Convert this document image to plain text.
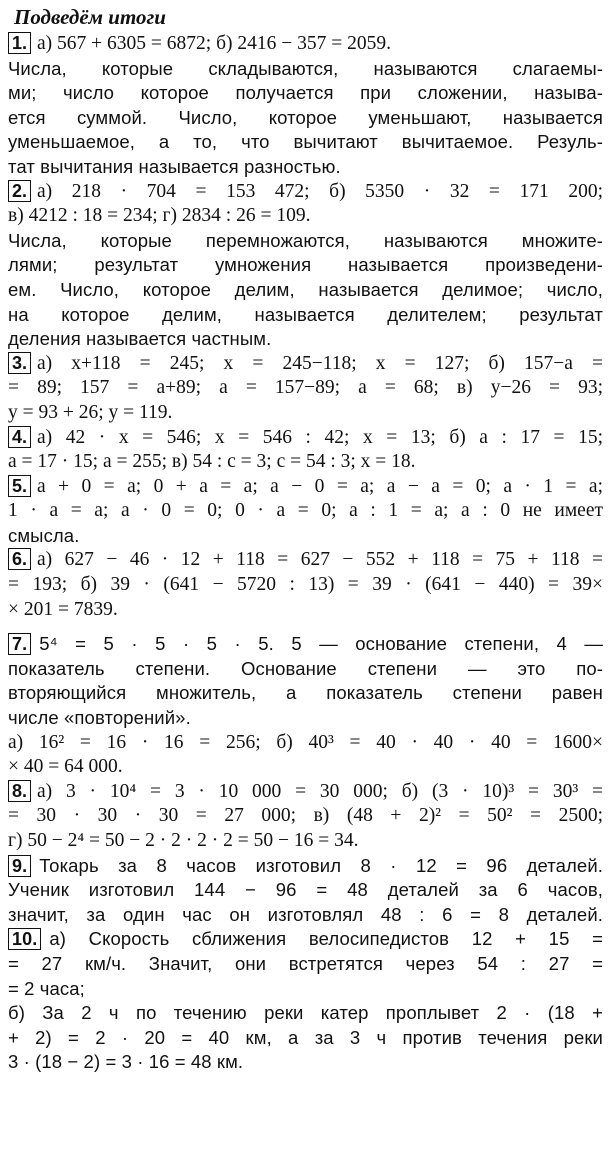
Подведём итоги
1. а) 567 + 6305 = 6872; б) 2416 − 357 = 2059.
Числа, которые складываются, называются слагаемы-
ми; число которое получается при сложении, называ-
ется суммой. Число, которое уменьшают, называется
уменьшаемое, а то, что вычитают вычитаемое. Резуль-
тат вычитания называется разностью.
2. а) 218 · 704 = 153 472; б) 5350 · 32 = 171 200;
в) 4212 : 18 = 234; г) 2834 : 26 = 109.
Числа, которые перемножаются, называются множите-
лями; результат умножения называется произведени-
ем. Число, которое делим, называется делимое; число,
на которое делим, называется делителем; результат
деления называется частным.
3. а) x+118 = 245; x = 245−118; x = 127; б) 157−a =
= 89; 157 = a+89; a = 157−89; a = 68; в) y−26 = 93;
y = 93 + 26; y = 119.
4. а) 42 · x = 546; x = 546 : 42; x = 13; б) a : 17 = 15;
a = 17 · 15; a = 255; в) 54 : c = 3; c = 54 : 3; x = 18.
5. a + 0 = a; 0 + a = a; a − 0 = a; a − a = 0; a · 1 = a;
1 · a = a; a · 0 = 0; 0 · a = 0; a : 1 = a; a : 0 не имеет
смысла.
6. а) 627 − 46 · 12 + 118 = 627 − 552 + 118 = 75 + 118 =
= 193; б) 39 · (641 − 5720 : 13) = 39 · (641 − 440) = 39×
× 201 = 7839.
7. 5⁴ = 5 · 5 · 5 · 5. 5 — основание степени, 4 —
показатель степени. Основание степени — это по-
вторяющийся множитель, а показатель степени равен
числе «повторений».
а) 16² = 16 · 16 = 256; б) 40³ = 40 · 40 · 40 = 1600×
× 40 = 64 000.
8. а) 3 · 10⁴ = 3 · 10 000 = 30 000; б) (3 · 10)³ = 30³ =
= 30 · 30 · 30 = 27 000; в) (48 + 2)² = 50² = 2500;
г) 50 − 2⁴ = 50 − 2 · 2 · 2 · 2 = 50 − 16 = 34.
9. Токарь за 8 часов изготовил 8 · 12 = 96 деталей.
Ученик изготовил 144 − 96 = 48 деталей за 6 часов,
значит, за один час он изготовлял 48 : 6 = 8 деталей.
10. а) Скорость сближения велосипедистов 12 + 15 =
= 27 км/ч. Значит, они встретятся через 54 : 27 =
= 2 часа;
б) За 2 ч по течению реки катер проплывет 2 · (18 +
+ 2) = 2 · 20 = 40 км, а за 3 ч против течения реки
3 · (18 − 2) = 3 · 16 = 48 км.
